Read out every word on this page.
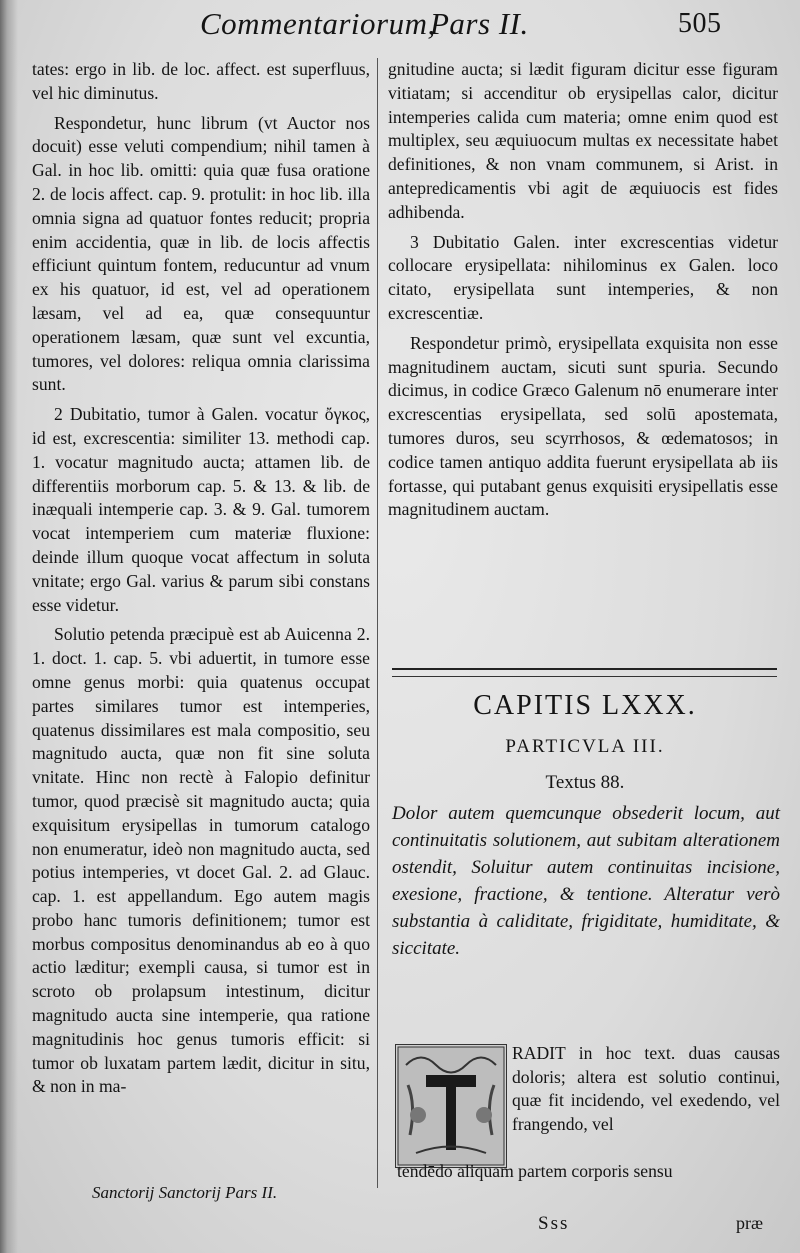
Commentariorum,
Pars II.	505

tates: ergo in lib. de loc. affect. est superfluus, vel hic diminutus.

Respondetur, hunc librum (vt Auctor nos docuit) esse veluti compendium; nihil tamen à Gal. in hoc lib. omitti: quia quæ fusa oratione 2. de locis affect. cap. 9. protulit: in hoc lib. illa omnia signa ad quatuor fontes reducit; propria enim accidentia, quæ in lib. de locis affectis efficiunt quintum fontem, reducuntur ad vnum ex his quatuor, id est, vel ad operationem læsam, vel ad ea, quæ consequuntur operationem læsam, quæ sunt vel excuntia, tumores, vel dolores: reliqua omnia clarissima sunt.

2 Dubitatio, tumor à Galen. vocatur ὄγκος, id est, excrescentia: similiter 13. methodi cap. 1. vocatur magnitudo aucta; attamen lib. de differentiis morborum cap. 5. & 13. & lib. de inæquali intemperie cap. 3. & 9. Gal. tumorem vocat intemperiem cum materiæ fluxione: deinde illum quoque vocat affectum in soluta vnitate; ergo Gal. varius & parum sibi constans esse videtur.

Solutio petenda præcipuè est ab Auicenna 2. 1. doct. 1. cap. 5. vbi aduertit, in tumore esse omne genus morbi: quia quatenus occupat partes similares tumor est intemperies, quatenus dissimilares est mala compositio, seu magnitudo aucta, quæ non fit sine soluta vnitate. Hinc non rectè à Falopio definitur tumor, quod præcisè sit magnitudo aucta; quia exquisitum erysipellas in tumorum catalogo non enumeratur, ideò non magnitudo aucta, sed potius intemperies, vt docet Gal. 2. ad Glauc. cap. 1. est appellandum. Ego autem magis probo hanc tumoris definitionem; tumor est morbus compositus denominandus ab eo à quo actio læditur; exempli causa, si tumor est in scroto ob prolapsum intestinum, dicitur magnitudo aucta sine intemperie, qua ratione magnitudinis hoc genus tumoris efficit: si tumor ob luxatam partem lædit, dicitur in situ, & non in ma-

gnitudine aucta; si lædit figuram dicitur esse figuram vitiatam; si accenditur ob erysipellas calor, dicitur intemperies calida cum materia; omne enim quod est multiplex, seu æquiuocum multas ex necessitate habet definitiones, & non vnam communem, si Arist. in antepredicamentis vbi agit de æquiuocis est fides adhibenda.

3 Dubitatio Galen. inter excrescentias videtur collocare erysipellata: nihilominus ex Galen. loco citato, erysipellata sunt intemperies, & non excrescentiæ.

Respondetur primò, erysipellata exquisita non esse magnitudinem auctam, sicuti sunt spuria. Secundo dicimus, in codice Græco Galenum nō enumerare inter excrescentias erysipellata, sed solū apostemata, tumores duros, seu scyrrhosos, & œdematosos; in codice tamen antiquo addita fuerunt erysipellata ab iis fortasse, qui putabant genus exquisiti erysipellatis esse magnitudinem auctam.

CAPITIS LXXX.
PARTICVLA III.
Textus 88.
Dolor autem quemcunque obsederit locum, aut continuitatis solutionem, aut subitam alterationem ostendit, Soluitur autem continuitas incisione, exesione, fractione, & tentione. Alteratur verò substantia à caliditate, frigiditate, humiditate, & siccitate.
RADIT in hoc text. duas causas doloris; altera est solutio continui, quæ fit incidendo, vel exedendo, vel frangendo, vel
tendēdo aliquam partem corporis sensu
Sanctorij Sanctorij Pars II.
Sss	præ
